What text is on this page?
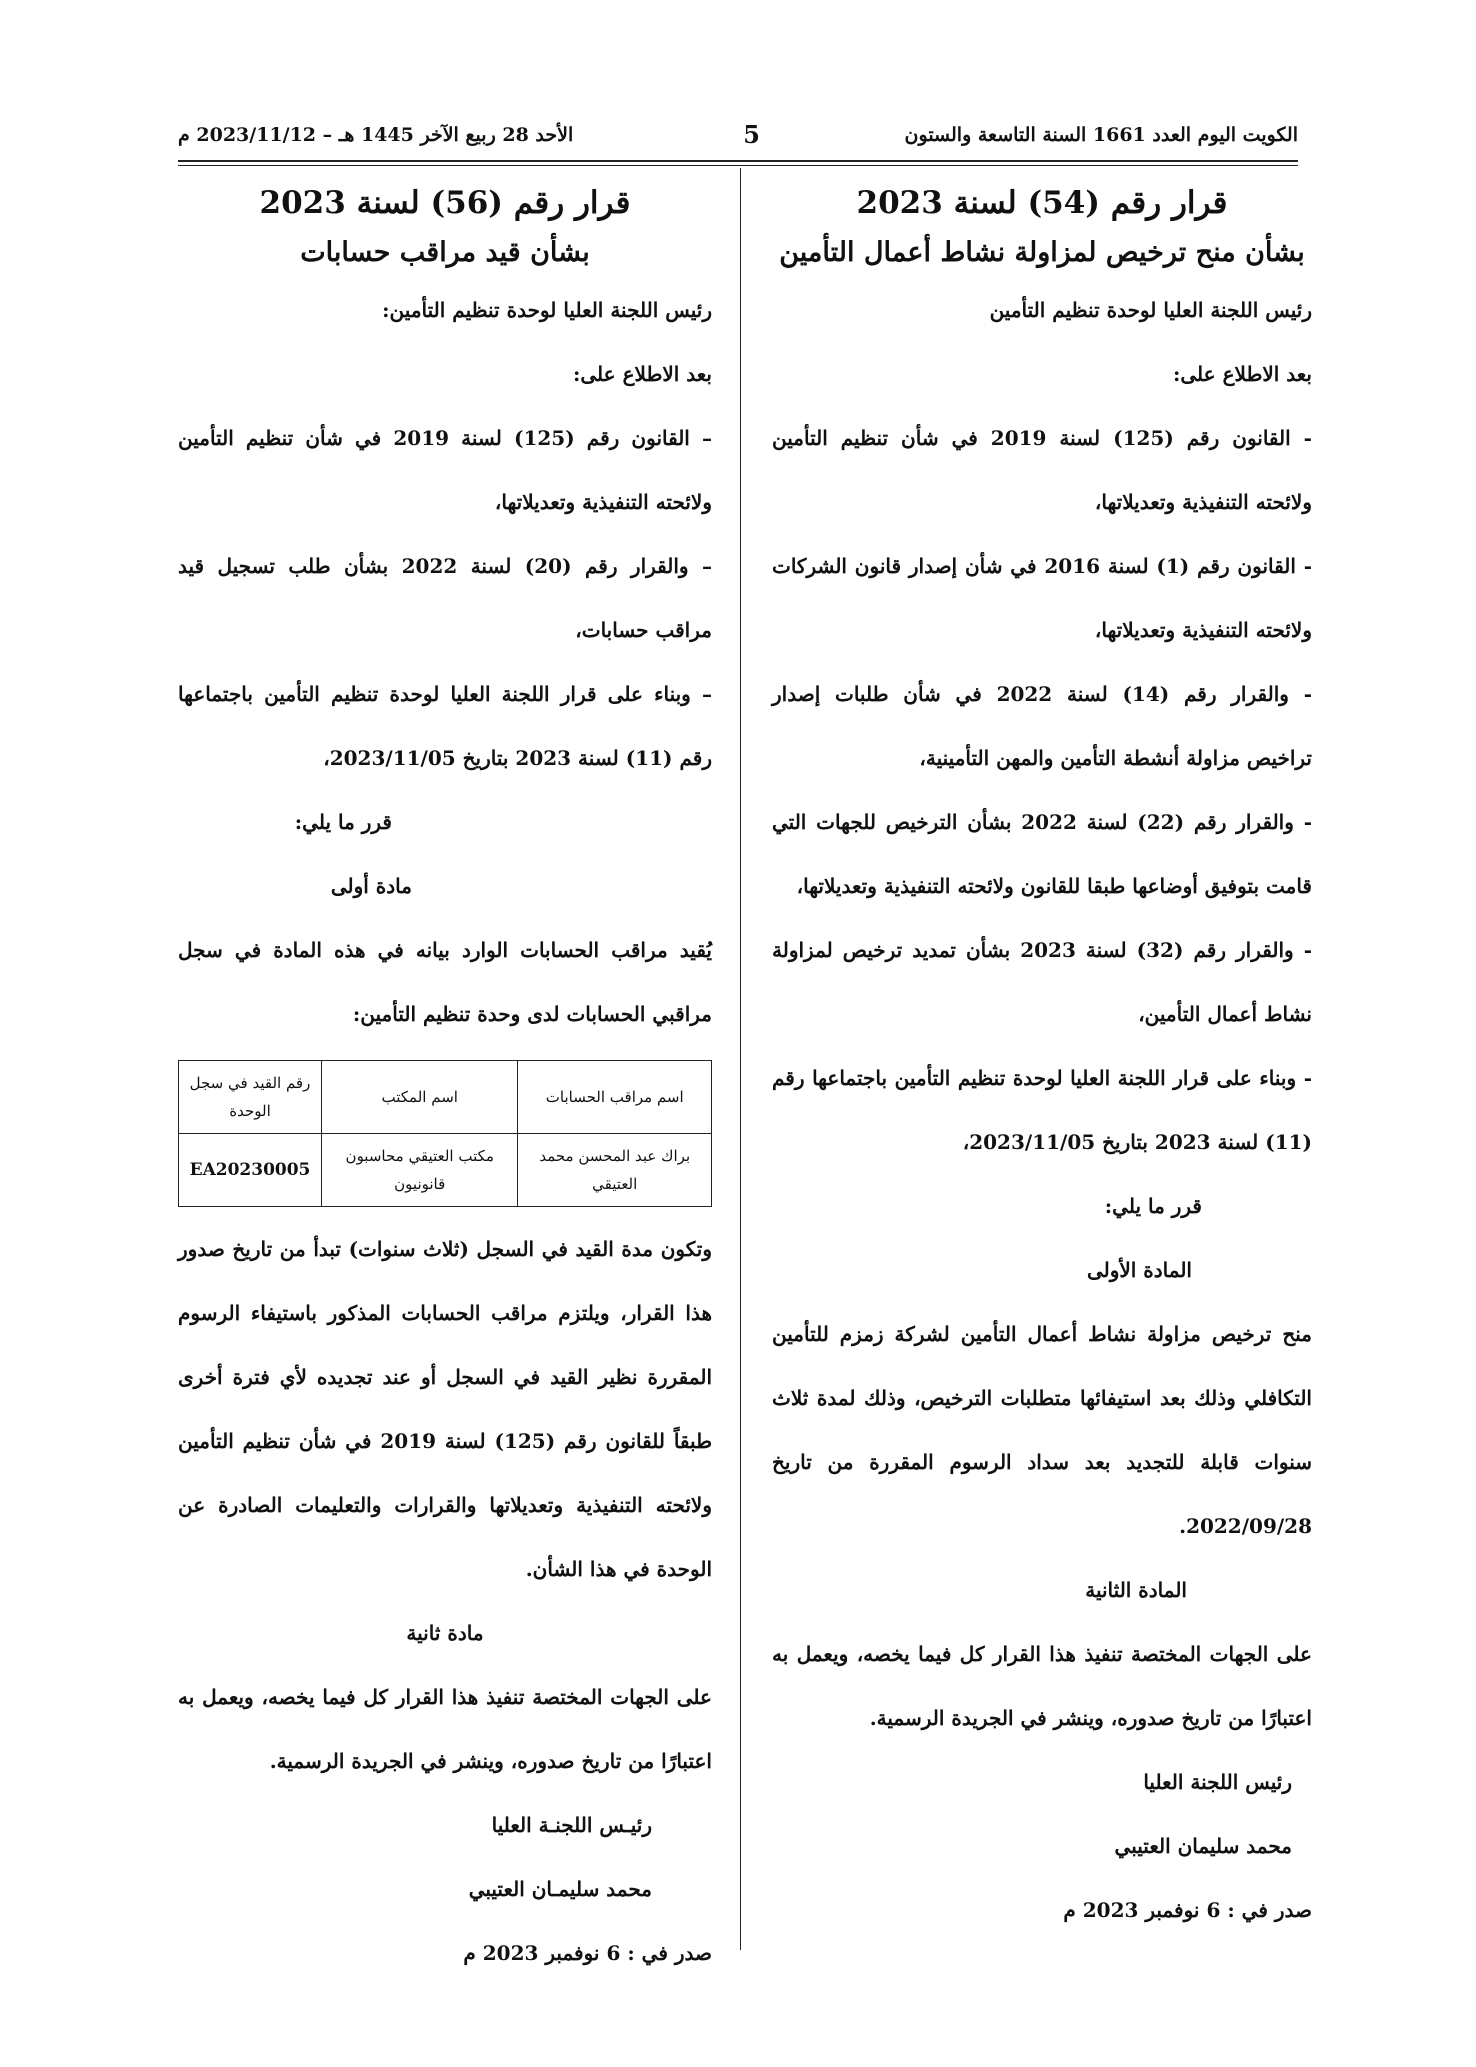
الكويت اليوم العدد 1661 السنة التاسعة والستون
5
الأحد 28 ربيع الآخر 1445 هـ – 2023/11/12 م

قرار رقم (54) لسنة 2023

بشأن منح ترخيص لمزاولة نشاط أعمال التأمين

رئيس اللجنة العليا لوحدة تنظيم التأمين

بعد الاطلاع على:

- القانون رقم (125) لسنة 2019 في شأن تنظيم التأمين ولائحته التنفيذية وتعديلاتها،

- القانون رقم (1) لسنة 2016 في شأن إصدار قانون الشركات ولائحته التنفيذية وتعديلاتها،

- والقرار رقم (14) لسنة 2022 في شأن طلبات إصدار تراخيص مزاولة أنشطة التأمين والمهن التأمينية،

- والقرار رقم (22) لسنة 2022 بشأن الترخيص للجهات التي قامت بتوفيق أوضاعها طبقا للقانون ولائحته التنفيذية وتعديلاتها،

- والقرار رقم (32) لسنة 2023 بشأن تمديد ترخيص لمزاولة نشاط أعمال التأمين،

- وبناء على قرار اللجنة العليا لوحدة تنظيم التأمين باجتماعها رقم (11) لسنة 2023 بتاريخ 2023/11/05،

قرر ما يلي:

المادة الأولى

منح ترخيص مزاولة نشاط أعمال التأمين لشركة زمزم للتأمين التكافلي وذلك بعد استيفائها متطلبات الترخيص، وذلك لمدة ثلاث سنوات قابلة للتجديد بعد سداد الرسوم المقررة من تاريخ 2022/09/28.

المادة الثانية

على الجهات المختصة تنفيذ هذا القرار كل فيما يخصه، ويعمل به اعتبارًا من تاريخ صدوره، وينشر في الجريدة الرسمية.

رئيس اللجنة العليا

محمد سليمان العتيبي

صدر في : 6 نوفمبر 2023 م

قرار رقم (56) لسنة 2023

بشأن قيد مراقب حسابات

رئيس اللجنة العليا لوحدة تنظيم التأمين:

بعد الاطلاع على:

– القانون رقم (125) لسنة 2019 في شأن تنظيم التأمين ولائحته التنفيذية وتعديلاتها،

– والقرار رقم (20) لسنة 2022 بشأن طلب تسجيل قيد مراقب حسابات،

– وبناء على قرار اللجنة العليا لوحدة تنظيم التأمين باجتماعها رقم (11) لسنة 2023 بتاريخ 2023/11/05،

قرر ما يلي:

مادة أولى

يُقيد مراقب الحسابات الوارد بيانه في هذه المادة في سجل مراقبي الحسابات لدى وحدة تنظيم التأمين:

اسم مراقب الحسابات	اسم المكتب	رقم القيد في سجل الوحدة
براك عبد المحسن محمد العتيقي	مكتب العتيقي محاسبون قانونيون	EA20230005

وتكون مدة القيد في السجل (ثلاث سنوات) تبدأ من تاريخ صدور هذا القرار، ويلتزم مراقب الحسابات المذكور باستيفاء الرسوم المقررة نظير القيد في السجل أو عند تجديده لأي فترة أخرى طبقاً للقانون رقم (125) لسنة 2019 في شأن تنظيم التأمين ولائحته التنفيذية وتعديلاتها والقرارات والتعليمات الصادرة عن الوحدة في هذا الشأن.

مادة ثانية

على الجهات المختصة تنفيذ هذا القرار كل فيما يخصه، ويعمل به اعتبارًا من تاريخ صدوره، وينشر في الجريدة الرسمية.

رئيـس اللجنـة العليا

محمد سليمـان العتيبي

صدر في : 6 نوفمبر 2023 م
